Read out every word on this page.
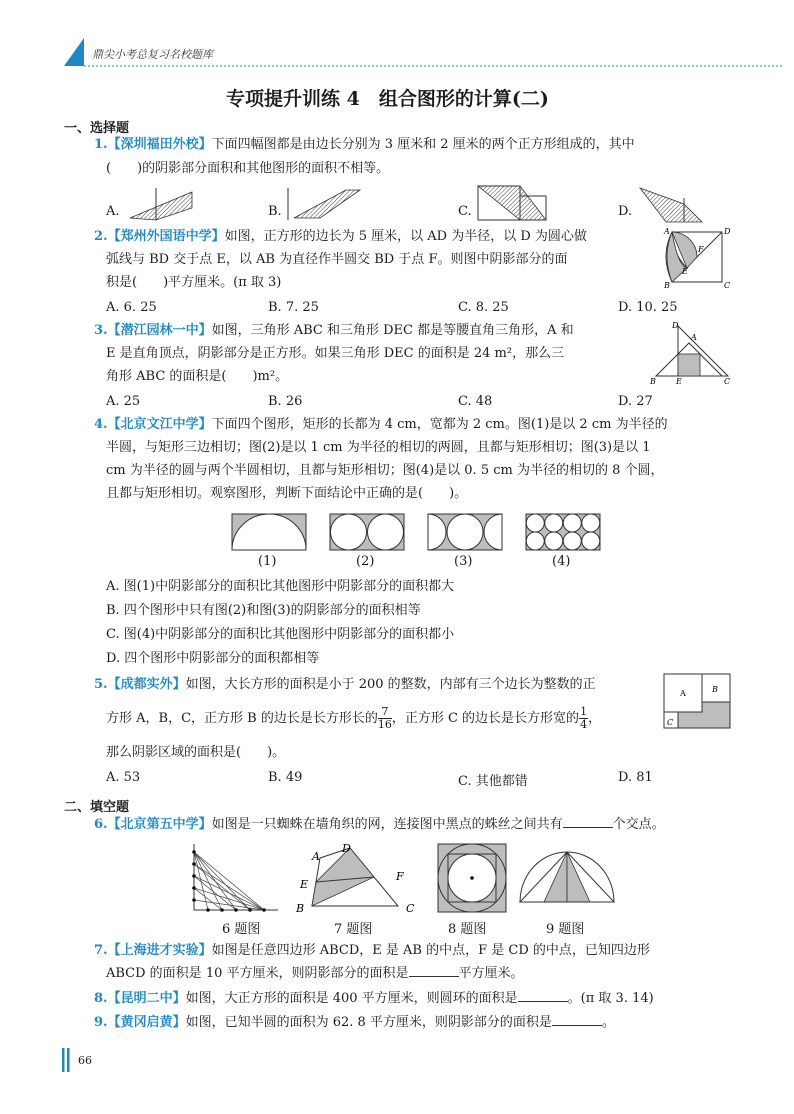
鼎尖小考总复习名校题库
专项提升训练 4　组合图形的计算(二)
一、选择题
1.【深圳福田外校】下面四幅图都是由边长分别为 3 厘米和 2 厘米的两个正方形组成的，其中
(　　)的阴影部分面积和其他图形的面积不相等。
A.	B.	C.	D.
2.【郑州外国语中学】如图，正方形的边长为 5 厘米，以 AD 为半径，以 D 为圆心做
弧线与 BD 交于点 E，以 AB 为直径作半圆交 BD 于点 F。则图中阴影部分的面
积是(　　)平方厘米。(π 取 3)
A. 6. 25	B. 7. 25	C. 8. 25	D. 10. 25
A	D
F
E
B	C
3.【潜江园林一中】如图，三角形 ABC 和三角形 DEC 都是等腰直角三角形，A 和
E 是直角顶点，阴影部分是正方形。如果三角形 DEC 的面积是 24 m²，那么三
角形 ABC 的面积是(　　)m²。
A. 25	B. 26	C. 48	D. 27
D
A
B	E	C
4.【北京文江中学】下面四个图形，矩形的长都为 4 cm，宽都为 2 cm。图(1)是以 2 cm 为半径的
半圆，与矩形三边相切；图(2)是以 1 cm 为半径的相切的两圆，且都与矩形相切；图(3)是以 1
cm 为半径的圆与两个半圆相切，且都与矩形相切；图(4)是以 0. 5 cm 为半径的相切的 8 个圆，
且都与矩形相切。观察图形，判断下面结论中正确的是(　　)。
(1)	(2)	(3)	(4)
A. 图(1)中阴影部分的面积比其他图形中阴影部分的面积都大
B. 四个图形中只有图(2)和图(3)的阴影部分的面积相等
C. 图(4)中阴影部分的面积比其他图形中阴影部分的面积都小
D. 四个图形中阴影部分的面积都相等
5.【成都实外】如图，大长方形的面积是小于 200 的整数，内部有三个边长为整数的正
方形 A，B，C，正方形 B 的边长是长方形长的 $\frac{7}{16}$ ，正方形 C 的边长是长方形宽的 $\frac{1}{4}$ ，
那么阴影区域的面积是(　　)。
A. 53	B. 49	C. 其他都错	D. 81
A	B
C
二、填空题
6.【北京第五中学】如图是一只蜘蛛在墙角织的网，连接图中黑点的蛛丝之间共有	个交点。
A
D
E
F
B	C
6 题图	7 题图	8 题图	9 题图
7.【上海进才实验】如图是任意四边形 ABCD，E 是 AB 的中点，F 是 CD 的中点，已知四边形
ABCD 的面积是 10 平方厘米，则阴影部分的面积是	平方厘米。
8.【昆明二中】如图，大正方形的面积是 400 平方厘米，则圆环的面积是	。(π 取 3. 14)
9.【黄冈启黄】如图，已知半圆的面积为 62. 8 平方厘米，则阴影部分的面积是	。
66
